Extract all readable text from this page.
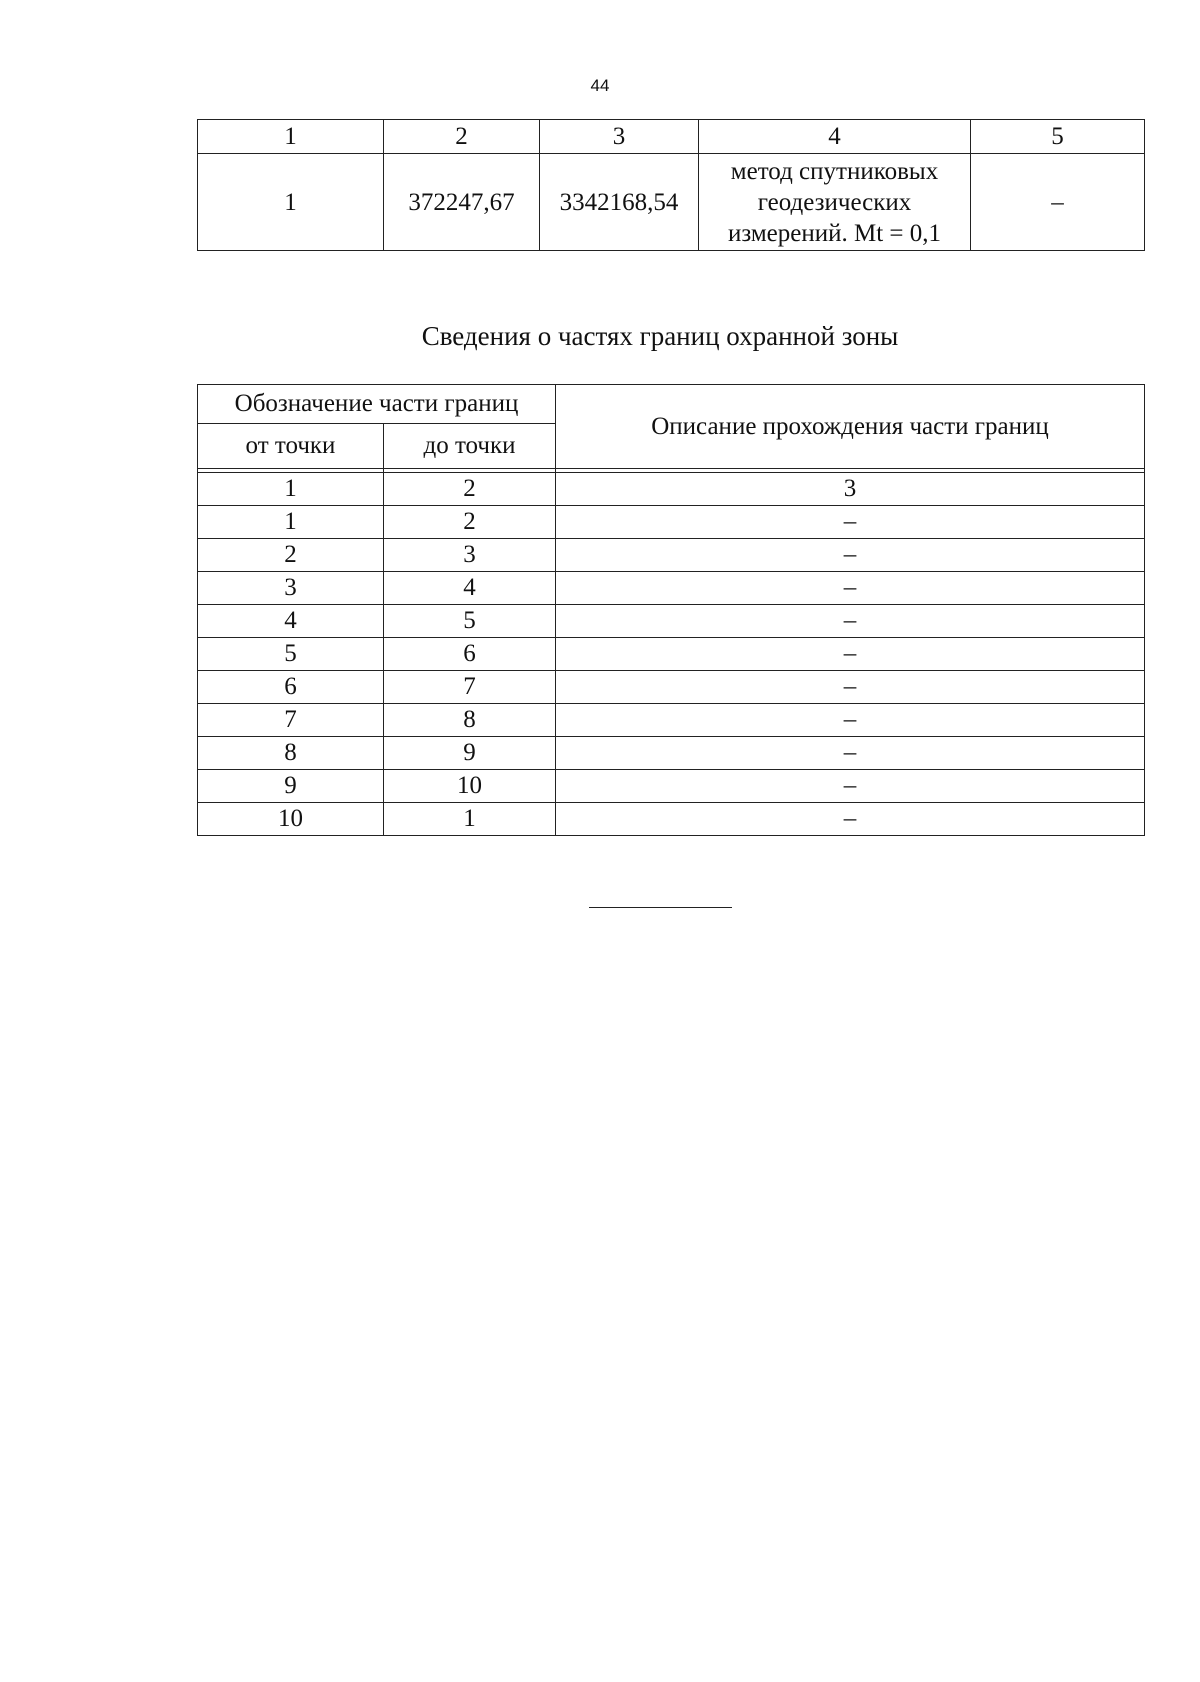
44
1	2	3	4	5
1	372247,67	3342168,54	метод спутниковых
геодезических
измерений. Mt = 0,1	–
Сведения о частях границ охранной зоны
Обозначение части границ		Описание прохождения части границ
от точки	до точки	

1	2	3
1	2	–
2	3	–
3	4	–
4	5	–
5	6	–
6	7	–
7	8	–
8	9	–
9	10	–
10	1	–
